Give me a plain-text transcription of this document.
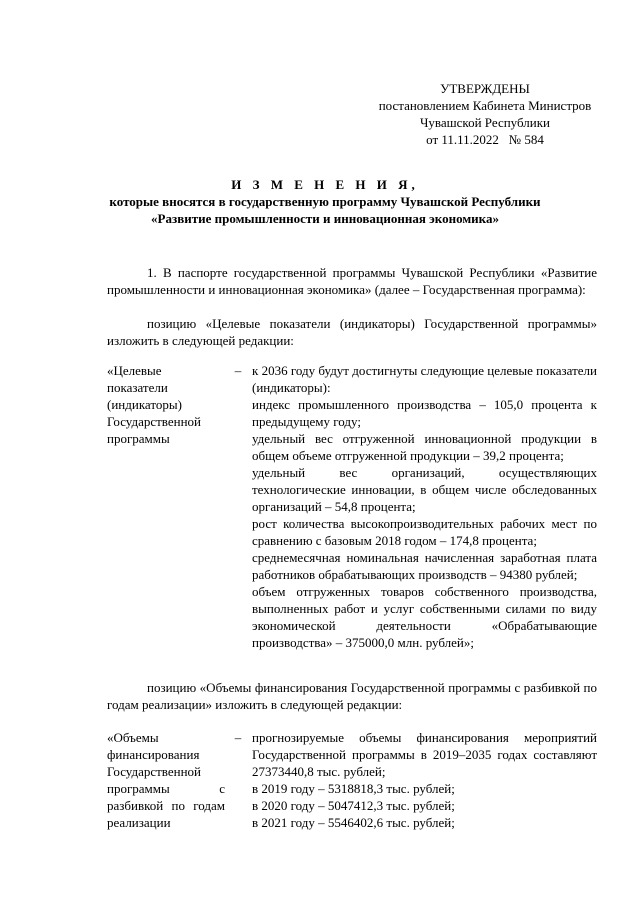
УТВЕРЖДЕНЫ
постановлением Кабинета Министров
Чувашской Республики
от 11.11.2022   № 584
И З М Е Н Е Н И Я,
которые вносятся в государственную программу Чувашской Республики
«Развитие промышленности и инновационная экономика»
1. В паспорте государственной программы Чувашской Республики «Развитие промышленности и инновационная экономика» (далее – Государственная программа):
позицию «Целевые показатели (индикаторы) Государственной программы» изложить в следующей редакции:
«Целевые показатели (индикаторы) Государственной программы
– к 2036 году будут достигнуты следующие целевые показатели (индикаторы):
индекс промышленного производства – 105,0 процента к предыдущему году;
удельный вес отгруженной инновационной продукции в общем объеме отгруженной продукции – 39,2 процента;
удельный вес организаций, осуществляющих технологические инновации, в общем числе обследованных организаций – 54,8 процента;
рост количества высокопроизводительных рабочих мест по сравнению с базовым 2018 годом – 174,8 процента;
среднемесячная номинальная начисленная заработная плата работников обрабатывающих производств – 94380 рублей;
объем отгруженных товаров собственного производства, выполненных работ и услуг собственными силами по виду экономической деятельности «Обрабатывающие производства» – 375000,0 млн. рублей»;
позицию «Объемы финансирования Государственной программы с разбивкой по годам реализации» изложить в следующей редакции:
«Объемы финансирования Государственной программы с разбивкой по годам реализации
– прогнозируемые объемы финансирования мероприятий Государственной программы в 2019–2035 годах составляют 27373440,8 тыс. рублей;
в 2019 году – 5318818,3 тыс. рублей;
в 2020 году – 5047412,3 тыс. рублей;
в 2021 году – 5546402,6 тыс. рублей;
